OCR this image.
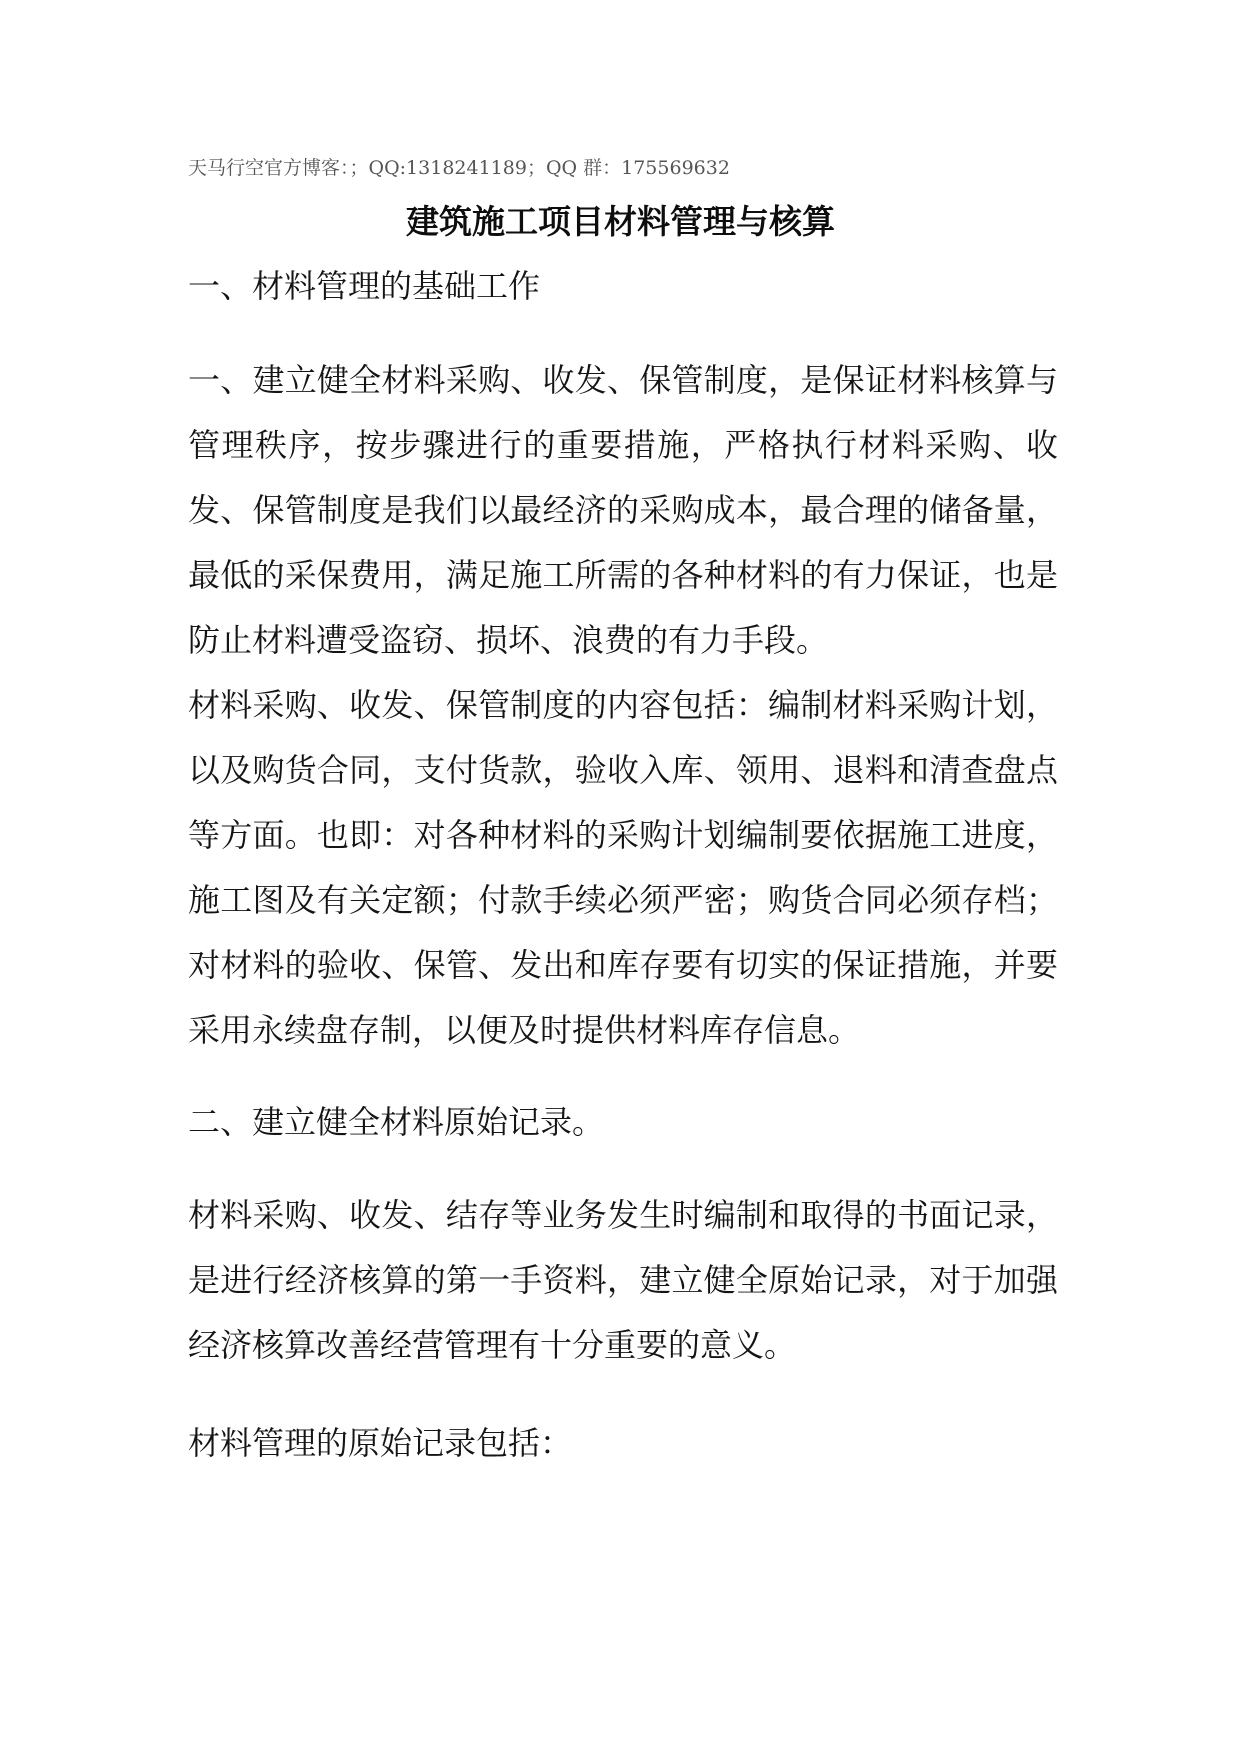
天马行空官方博客：；QQ:1318241189；QQ 群：175569632
建筑施工项目材料管理与核算

一、材料管理的基础工作

一、建立健全材料采购、收发、保管制度，是保证材料核算与管理秩序，按步骤进行的重要措施，严格执行材料采购、收发、保管制度是我们以最经济的采购成本，最合理的储备量，最低的采保费用，满足施工所需的各种材料的有力保证，也是防止材料遭受盗窃、损坏、浪费的有力手段。

材料采购、收发、保管制度的内容包括：编制材料采购计划，以及购货合同，支付货款，验收入库、领用、退料和清查盘点等方面。也即：对各种材料的采购计划编制要依据施工进度，施工图及有关定额；付款手续必须严密；购货合同必须存档；对材料的验收、保管、发出和库存要有切实的保证措施，并要采用永续盘存制，以便及时提供材料库存信息。

二、建立健全材料原始记录。

材料采购、收发、结存等业务发生时编制和取得的书面记录，是进行经济核算的第一手资料，建立健全原始记录，对于加强经济核算改善经营管理有十分重要的意义。

材料管理的原始记录包括：
